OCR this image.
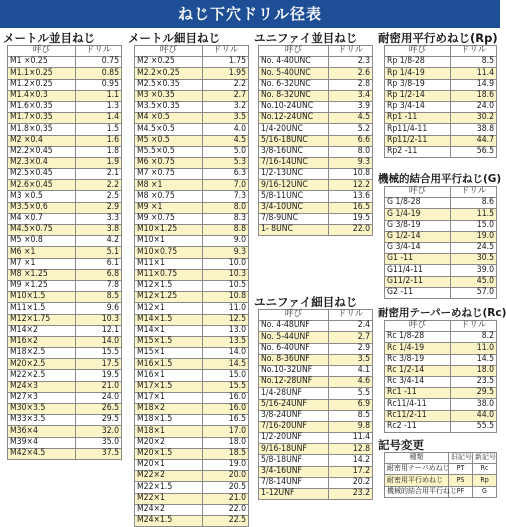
ねじ下穴ドリル径表
メートル並目ねじ
呼び	ドリル
M1 ×0.25	0.75
M1.1×0.25	0.85
M1.2×0.25	0.95
M1.4×0.3	1.1
M1.6×0.35	1.3
M1.7×0.35	1.4
M1.8×0.35	1.5
M2 ×0.4	1.6
M2.2×0.45	1.8
M2.3×0.4	1.9
M2.5×0.45	2.1
M2.6×0.45	2.2
M3 ×0.5	2.5
M3.5×0.6	2.9
M4 ×0.7	3.3
M4.5×0.75	3.8
M5 ×0.8	4.2
M6 ×1	5.1
M7 ×1	6.1
M8 ×1.25	6.8
M9 ×1.25	7.8
M10×1.5	8.5
M11×1.5	9.6
M12×1.75	10.3
M14×2	12.1
M16×2	14.0
M18×2.5	15.5
M20×2.5	17.5
M22×2.5	19.5
M24×3	21.0
M27×3	24.0
M30×3.5	26.5
M33×3.5	29.5
M36×4	32.0
M39×4	35.0
M42×4.5	37.5
メートル細目ねじ
呼び	ドリル
M2 ×0.25	1.75
M2.2×0.25	1.95
M2.5×0.35	2.2
M3 ×0.35	2.7
M3.5×0.35	3.2
M4 ×0.5	3.5
M4.5×0.5	4.0
M5 ×0.5	4.5
M5.5×0.5	5.0
M6 ×0.75	5.3
M7 ×0.75	6.3
M8 ×1	7.0
M8 ×0.75	7.3
M9 ×1	8.0
M9 ×0.75	8.3
M10×1.25	8.8
M10×1	9.0
M10×0.75	9.3
M11×1	10.0
M11×0.75	10.3
M12×1.5	10.5
M12×1.25	10.8
M12×1	11.0
M14×1.5	12.5
M14×1	13.0
M15×1.5	13.5
M15×1	14.0
M16×1.5	14.5
M16×1	15.0
M17×1.5	15.5
M17×1	16.0
M18×2	16.0
M18×1.5	16.5
M18×1	17.0
M20×2	18.0
M20×1.5	18.5
M20×1	19.0
M22×2	20.0
M22×1.5	20.5
M22×1	21.0
M24×2	22.0
M24×1.5	22.5
ユニファイ並目ねじ
呼び	ドリル
No. 4-40UNC	2.3
No. 5-40UNC	2.6
No. 6-32UNC	2.8
No. 8-32UNC	3.4
No.10-24UNC	3.9
No.12-24UNC	4.5
1/4-20UNC	5.2
5/16-18UNC	6.6
3/8-16UNC	8.0
7/16-14UNC	9.3
1/2-13UNC	10.8
9/16-12UNC	12.2
5/8-11UNC	13.6
3/4-10UNC	16.5
7/8-9UNC	19.5
1- 8UNC	22.0
ユニファイ細目ねじ
呼び	ドリル
No. 4-48UNF	2.4
No. 5-44UNF	2.7
No. 6-40UNF	2.9
No. 8-36UNF	3.5
No.10-32UNF	4.1
No.12-28UNF	4.6
1/4-28UNF	5.5
5/16-24UNF	6.9
3/8-24UNF	8.5
7/16-20UNF	9.8
1/2-20UNF	11.4
9/16-18UNF	12.8
5/8-18UNF	14.2
3/4-16UNF	17.2
7/8-14UNF	20.2
1-12UNF	23.2
耐密用平行めねじ(Rp)
呼び	ドリル
Rp 1/8-28	8.5
Rp 1/4-19	11.4
Rp 3/8-19	14.9
Rp 1/2-14	18.6
Rp 3/4-14	24.0
Rp1 -11	30.2
Rp11/4-11	38.8
Rp11/2-11	44.7
Rp2 -11	56.5
機械的結合用平行ねじ(G)
呼び	ドリル
G 1/8-28	8.6
G 1/4-19	11.5
G 3/8-19	15.0
G 1/2-14	19.0
G 3/4-14	24.5
G1 -11	30.5
G11/4-11	39.0
G11/2-11	45.0
G2 -11	57.0
耐密用テーパーめねじ(Rc)
呼び	ドリル
Rc 1/8-28	8.2
Rc 1/4-19	11.0
Rc 3/8-19	14.5
Rc 1/2-14	18.0
Rc 3/4-14	23.5
Rc1 -11	29.5
Rc11/4-11	38.0
Rc11/2-11	44.0
Rc2 -11	55.5
記号変更
種類	旧記号	新記号
耐密用テーパめねじ	PT	Rc
耐密用平行めねじ	PS	Rp
機械的結合用平行ねじ	PF	G
